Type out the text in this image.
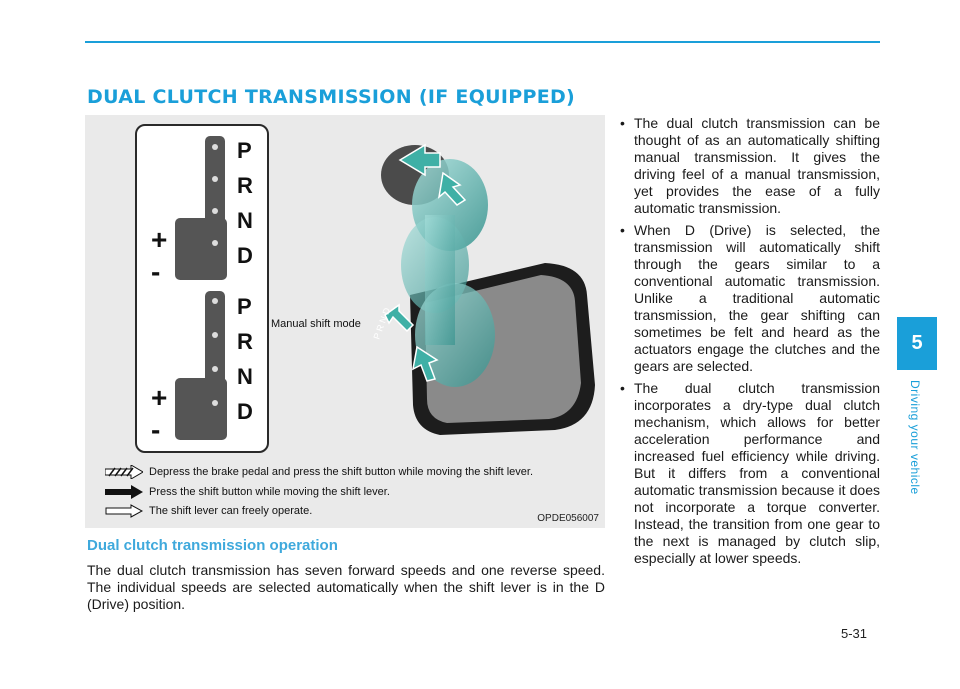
DUAL CLUTCH TRANSMISSION (IF EQUIPPED)
P
R
N
D
+
-
P
R
N
D
+
-
P R N D
Manual shift mode
Depress the brake pedal and press the shift button while moving the shift lever.
Press the shift button while moving the shift lever.
The shift lever can freely operate.
OPDE056007
Dual clutch transmission operation

The dual clutch transmission has seven forward speeds and one reverse speed. The individual speeds are selected automatically when the shift lever is in the D (Drive) position.

• The dual clutch transmission can be thought of as an automatically shifting manual transmission. It gives the driving feel of a manual transmission, yet provides the ease of a fully automatic transmission.
• When D (Drive) is selected, the transmission will automatically shift through the gears similar to a conventional automatic transmission. Unlike a traditional automatic transmission, the gear shifting can sometimes be felt and heard as the actuators engage the clutches and the gears are selected.
• The dual clutch transmission incorporates a dry-type dual clutch mechanism, which allows for better acceleration performance and increased fuel efficiency while driving. But it differs from a conventional automatic transmission because it does not incorporate a torque converter. Instead, the transition from one gear to the next is managed by clutch slip, especially at lower speeds.
5
Driving your vehicle
5-31
